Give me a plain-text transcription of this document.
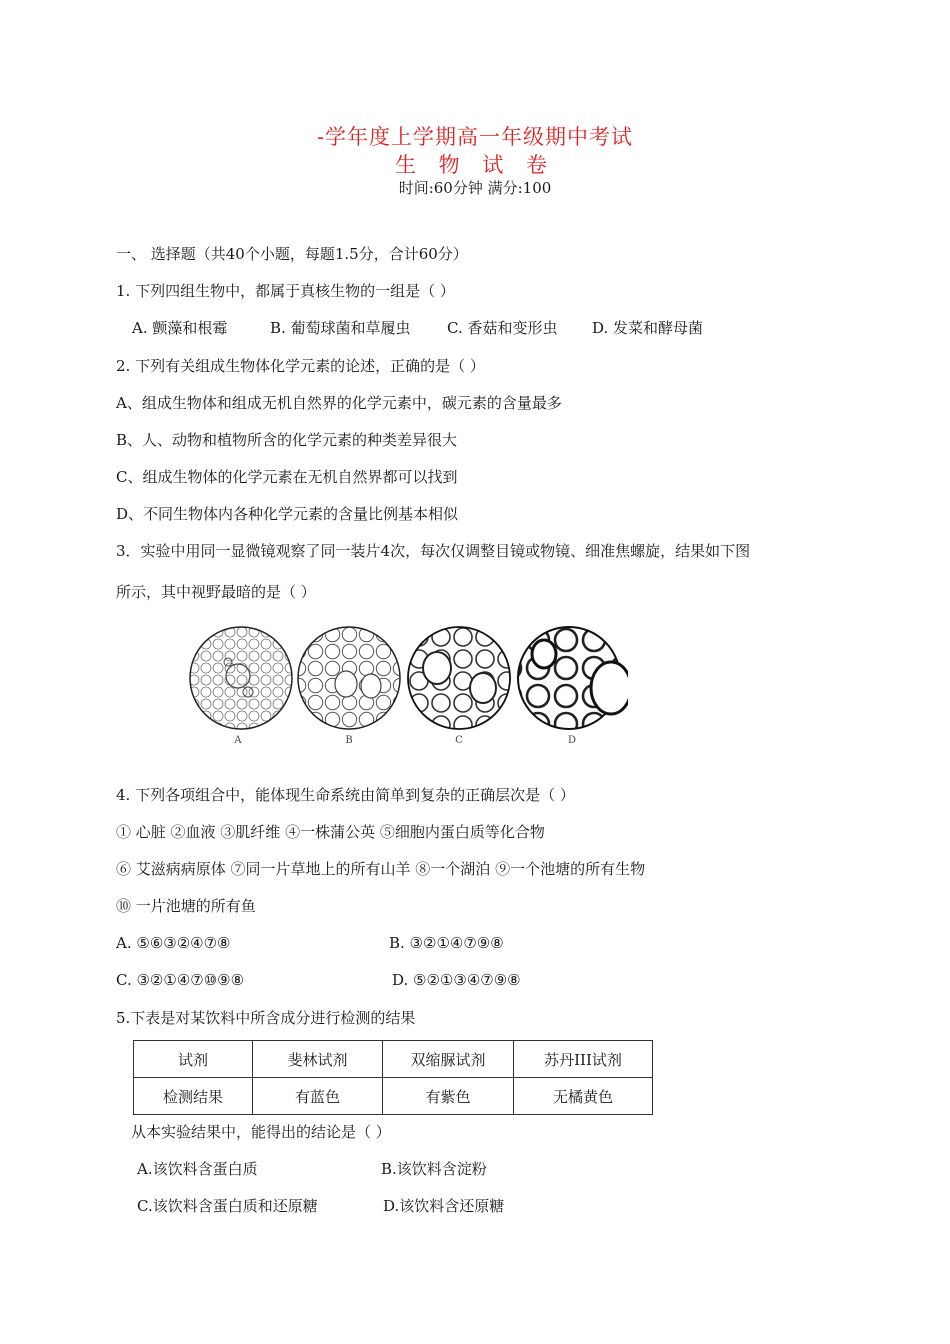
-学年度上学期高一年级期中考试
生 物 试 卷
时间:60分钟 满分:100
一、 选择题（共40个小题，每题1.5分，合计60分）
1. 下列四组生物中，都属于真核生物的一组是（ ）
A. 颤藻和根霉	B. 葡萄球菌和草履虫 C. 香菇和变形虫 D. 发菜和酵母菌
2. 下列有关组成生物体化学元素的论述，正确的是（ ）
A、组成生物体和组成无机自然界的化学元素中，碳元素的含量最多
B、人、动物和植物所含的化学元素的种类差异很大
C、组成生物体的化学元素在无机自然界都可以找到
D、不同生物体内各种化学元素的含量比例基本相似
3．实验中用同一显微镜观察了同一装片4次，每次仅调整目镜或物镜、细准焦螺旋，结果如下图
所示，其中视野最暗的是（ ）
A	B	C	D
4. 下列各项组合中，能体现生命系统由简单到复杂的正确层次是（ ）
① 心脏 ②血液 ③肌纤维 ④一株蒲公英 ⑤细胞内蛋白质等化合物
⑥ 艾滋病病原体 ⑦同一片草地上的所有山羊 ⑧一个湖泊 ⑨一个池塘的所有生物
⑩ 一片池塘的所有鱼
A. ⑤⑥③②④⑦⑧	B. ③②①④⑦⑨⑧
C. ③②①④⑦⑩⑨⑧	D. ⑤②①③④⑦⑨⑧
5.下表是对某饮料中所含成分进行检测的结果
试剂	斐林试剂	双缩脲试剂	苏丹III试剂
检测结果	有蓝色	有紫色	无橘黄色
从本实验结果中，能得出的结论是（ ）
A.该饮料含蛋白质	B.该饮料含淀粉
C.该饮料含蛋白质和还原糖	D.该饮料含还原糖
